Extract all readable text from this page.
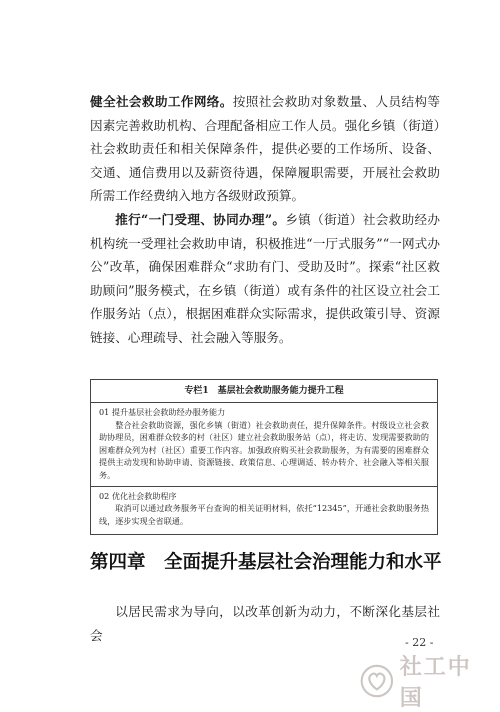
健全社会救助工作网络。按照社会救助对象数量、人员结构等因素完善救助机构、合理配备相应工作人员。强化乡镇（街道）社会救助责任和相关保障条件，提供必要的工作场所、设备、交通、通信费用以及薪资待遇，保障履职需要，开展社会救助所需工作经费纳入地方各级财政预算。

推行“一门受理、协同办理”。乡镇（街道）社会救助经办机构统一受理社会救助申请，积极推进“一厅式服务”“一网式办公”改革，确保困难群众“求助有门、受助及时”。探索“社区救助顾问”服务模式，在乡镇（街道）或有条件的社区设立社会工作服务站（点），根据困难群众实际需求，提供政策引导、资源链接、心理疏导、社会融入等服务。

专栏1　基层社会救助服务能力提升工程

01 提升基层社会救助经办服务能力

整合社会救助资源，强化乡镇（街道）社会救助责任，提升保障条件。村级设立社会救助协理员，困难群众较多的村（社区）建立社会救助服务站（点），将走访、发现需要救助的困难群众列为村（社区）重要工作内容。加强政府购买社会救助服务，为有需要的困难群众提供主动发现和协助申请、资源链接、政策信息、心理调适、转办转介、社会融入等相关服务。

02 优化社会救助程序

取消可以通过政务服务平台查询的相关证明材料，依托“12345”，开通社会救助服务热线，逐步实现全省联通。

第四章　全面提升基层社会治理能力和水平

以居民需求为导向，以改革创新为动力，不断深化基层社会	- 22 -
社工中国
